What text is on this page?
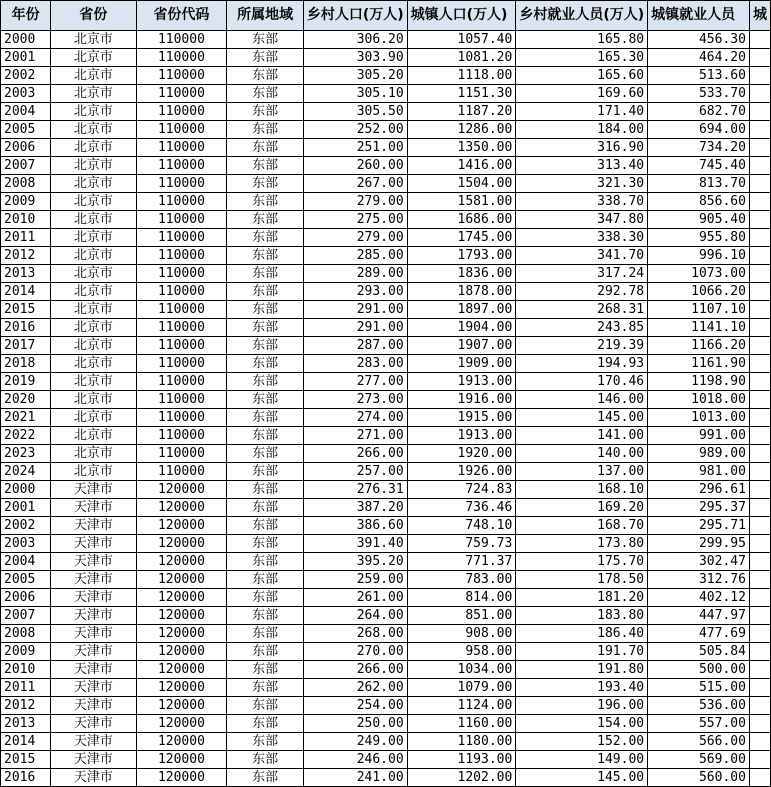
年份	省份	省份代码	所属地域	乡村人口(万人)	城镇人口(万人)	乡村就业人员(万人)	城镇就业人员	城
2000	北京市	110000	东部	306.20	1057.40	165.80	456.30	
2001	北京市	110000	东部	303.90	1081.20	165.30	464.20	
2002	北京市	110000	东部	305.20	1118.00	165.60	513.60	
2003	北京市	110000	东部	305.10	1151.30	169.60	533.70	
2004	北京市	110000	东部	305.50	1187.20	171.40	682.70	
2005	北京市	110000	东部	252.00	1286.00	184.00	694.00	
2006	北京市	110000	东部	251.00	1350.00	316.90	734.20	
2007	北京市	110000	东部	260.00	1416.00	313.40	745.40	
2008	北京市	110000	东部	267.00	1504.00	321.30	813.70	
2009	北京市	110000	东部	279.00	1581.00	338.70	856.60	
2010	北京市	110000	东部	275.00	1686.00	347.80	905.40	
2011	北京市	110000	东部	279.00	1745.00	338.30	955.80	
2012	北京市	110000	东部	285.00	1793.00	341.70	996.10	
2013	北京市	110000	东部	289.00	1836.00	317.24	1073.00	
2014	北京市	110000	东部	293.00	1878.00	292.78	1066.20	
2015	北京市	110000	东部	291.00	1897.00	268.31	1107.10	
2016	北京市	110000	东部	291.00	1904.00	243.85	1141.10	
2017	北京市	110000	东部	287.00	1907.00	219.39	1166.20	
2018	北京市	110000	东部	283.00	1909.00	194.93	1161.90	
2019	北京市	110000	东部	277.00	1913.00	170.46	1198.90	
2020	北京市	110000	东部	273.00	1916.00	146.00	1018.00	
2021	北京市	110000	东部	274.00	1915.00	145.00	1013.00	
2022	北京市	110000	东部	271.00	1913.00	141.00	991.00	
2023	北京市	110000	东部	266.00	1920.00	140.00	989.00	
2024	北京市	110000	东部	257.00	1926.00	137.00	981.00	
2000	天津市	120000	东部	276.31	724.83	168.10	296.61	
2001	天津市	120000	东部	387.20	736.46	169.20	295.37	
2002	天津市	120000	东部	386.60	748.10	168.70	295.71	
2003	天津市	120000	东部	391.40	759.73	173.80	299.95	
2004	天津市	120000	东部	395.20	771.37	175.70	302.47	
2005	天津市	120000	东部	259.00	783.00	178.50	312.76	
2006	天津市	120000	东部	261.00	814.00	181.20	402.12	
2007	天津市	120000	东部	264.00	851.00	183.80	447.97	
2008	天津市	120000	东部	268.00	908.00	186.40	477.69	
2009	天津市	120000	东部	270.00	958.00	191.70	505.84	
2010	天津市	120000	东部	266.00	1034.00	191.80	500.00	
2011	天津市	120000	东部	262.00	1079.00	193.40	515.00	
2012	天津市	120000	东部	254.00	1124.00	196.00	536.00	
2013	天津市	120000	东部	250.00	1160.00	154.00	557.00	
2014	天津市	120000	东部	249.00	1180.00	152.00	566.00	
2015	天津市	120000	东部	246.00	1193.00	149.00	569.00	
2016	天津市	120000	东部	241.00	1202.00	145.00	560.00	
